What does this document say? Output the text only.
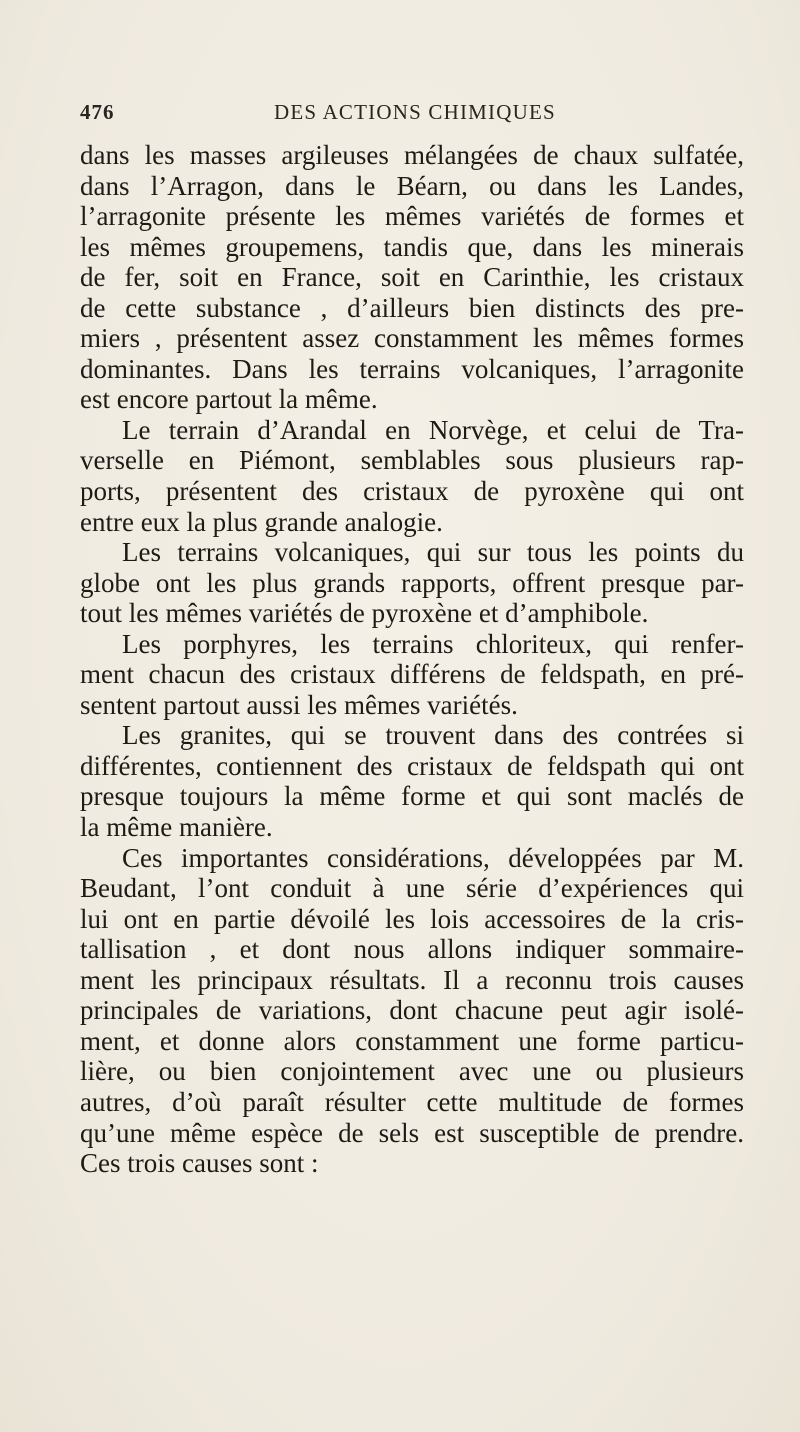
476	DES ACTIONS CHIMIQUES
dans les masses argileuses mélangées de chaux sulfatée,
dans l’Arragon, dans le Béarn, ou dans les Landes,
l’arragonite présente les mêmes variétés de formes et
les mêmes groupemens, tandis que, dans les minerais
de fer, soit en France, soit en Carinthie, les cristaux
de cette substance , d’ailleurs bien distincts des pre-
miers , présentent assez constamment les mêmes formes
dominantes. Dans les terrains volcaniques, l’arragonite
est encore partout la même.
Le terrain d’Arandal en Norvège, et celui de Tra-
verselle en Piémont, semblables sous plusieurs rap-
ports, présentent des cristaux de pyroxène qui ont
entre eux la plus grande analogie.
Les terrains volcaniques, qui sur tous les points du
globe ont les plus grands rapports, offrent presque par-
tout les mêmes variétés de pyroxène et d’amphibole.
Les porphyres, les terrains chloriteux, qui renfer-
ment chacun des cristaux différens de feldspath, en pré-
sentent partout aussi les mêmes variétés.
Les granites, qui se trouvent dans des contrées si
différentes, contiennent des cristaux de feldspath qui ont
presque toujours la même forme et qui sont maclés de
la même manière.
Ces importantes considérations, développées par M.
Beudant, l’ont conduit à une série d’expériences qui
lui ont en partie dévoilé les lois accessoires de la cris-
tallisation , et dont nous allons indiquer sommaire-
ment les principaux résultats. Il a reconnu trois causes
principales de variations, dont chacune peut agir isolé-
ment, et donne alors constamment une forme particu-
lière, ou bien conjointement avec une ou plusieurs
autres, d’où paraît résulter cette multitude de formes
qu’une même espèce de sels est susceptible de prendre.
Ces trois causes sont :
